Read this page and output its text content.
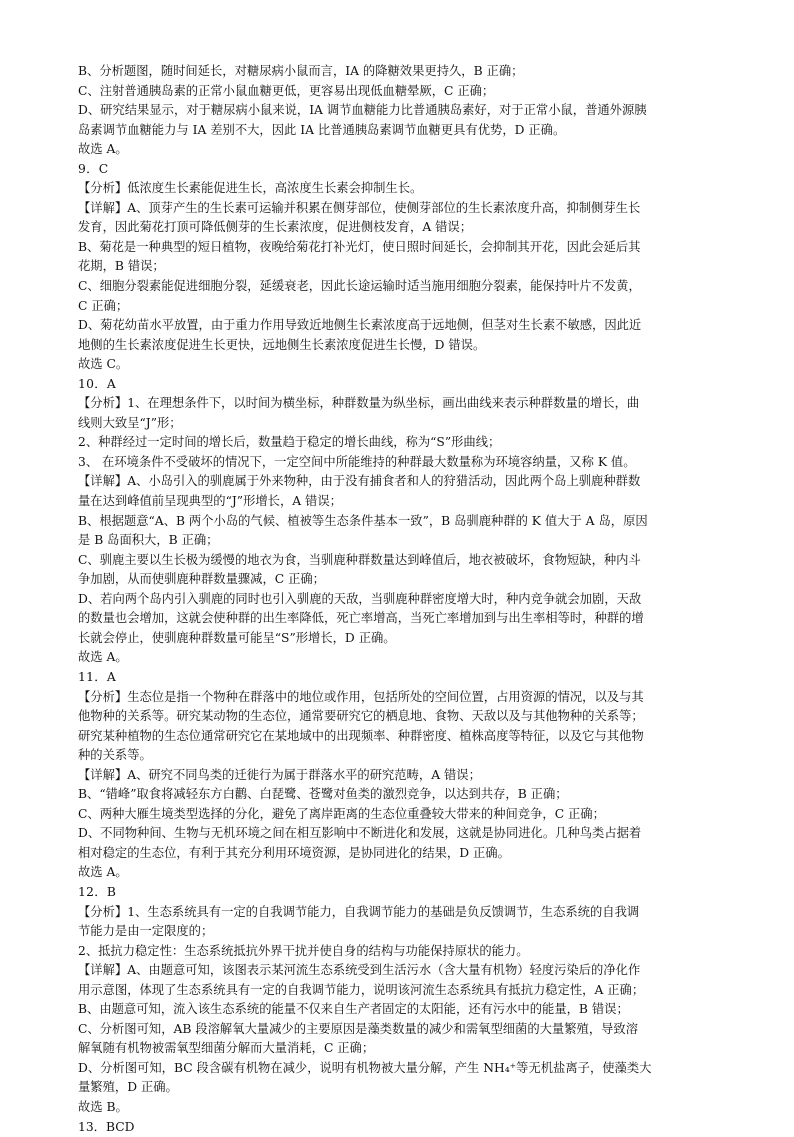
B、分析题图，随时间延长，对糖尿病小鼠而言，IA 的降糖效果更持久，B 正确；

C、注射普通胰岛素的正常小鼠血糖更低，更容易出现低血糖晕厥，C 正确；

D、研究结果显示，对于糖尿病小鼠来说，IA 调节血糖能力比普通胰岛素好，对于正常小鼠，普通外源胰

岛素调节血糖能力与 IA 差别不大，因此 IA 比普通胰岛素调节血糖更具有优势，D 正确。

故选 A。

9．C

【分析】低浓度生长素能促进生长，高浓度生长素会抑制生长。

【详解】A、顶芽产生的生长素可运输并积累在侧芽部位，使侧芽部位的生长素浓度升高，抑制侧芽生长

发育，因此菊花打顶可降低侧芽的生长素浓度，促进侧枝发育，A 错误；

B、菊花是一种典型的短日植物，夜晚给菊花打补光灯，使日照时间延长，会抑制其开花，因此会延后其

花期，B 错误；

C、细胞分裂素能促进细胞分裂，延缓衰老，因此长途运输时适当施用细胞分裂素，能保持叶片不发黄，

C 正确；

D、菊花幼苗水平放置，由于重力作用导致近地侧生长素浓度高于远地侧，但茎对生长素不敏感，因此近

地侧的生长素浓度促进生长更快，远地侧生长素浓度促进生长慢，D 错误。

故选 C。

10．A

【分析】1、在理想条件下，以时间为横坐标，种群数量为纵坐标，画出曲线来表示种群数量的增长，曲

线则大致呈“J”形；

2、种群经过一定时间的增长后，数量趋于稳定的增长曲线，称为“S”形曲线；

3、 在环境条件不受破坏的情况下，一定空间中所能维持的种群最大数量称为环境容纳量，又称 K 值。

【详解】A、小岛引入的驯鹿属于外来物种，由于没有捕食者和人的狩猎活动，因此两个岛上驯鹿种群数

量在达到峰值前呈现典型的“J”形增长，A 错误；

B、根据题意“A、B 两个小岛的气候、植被等生态条件基本一致”，B 岛驯鹿种群的 K 值大于 A 岛，原因

是 B 岛面积大，B 正确；

C、驯鹿主要以生长极为缓慢的地衣为食，当驯鹿种群数量达到峰值后，地衣被破坏，食物短缺，种内斗

争加剧，从而使驯鹿种群数量骤减，C 正确；

D、若向两个岛内引入驯鹿的同时也引入驯鹿的天敌，当驯鹿种群密度增大时，种内竞争就会加剧，天敌

的数量也会增加，这就会使种群的出生率降低，死亡率增高，当死亡率增加到与出生率相等时，种群的增

长就会停止，使驯鹿种群数量可能呈“S”形增长，D 正确。

故选 A。

11．A

【分析】生态位是指一个物种在群落中的地位或作用，包括所处的空间位置，占用资源的情况，以及与其

他物种的关系等。研究某动物的生态位，通常要研究它的栖息地、食物、天敌以及与其他物种的关系等；

研究某种植物的生态位通常研究它在某地域中的出现频率、种群密度、植株高度等特征，以及它与其他物

种的关系等。

【详解】A、研究不同鸟类的迁徙行为属于群落水平的研究范畴，A 错误；

B、“错峰”取食将减轻东方白鹳、白琵鹭、苍鹭对鱼类的激烈竞争，以达到共存，B 正确；

C、两种大雁生境类型选择的分化，避免了离岸距离的生态位重叠较大带来的种间竞争，C 正确；

D、不同物种间、生物与无机环境之间在相互影响中不断进化和发展，这就是协同进化。几种鸟类占据着

相对稳定的生态位，有利于其充分利用环境资源，是协同进化的结果，D 正确。

故选 A。

12．B

【分析】1、生态系统具有一定的自我调节能力，自我调节能力的基础是负反馈调节，生态系统的自我调

节能力是由一定限度的；

2、抵抗力稳定性：生态系统抵抗外界干扰并使自身的结构与功能保持原状的能力。

【详解】A、由题意可知，该图表示某河流生态系统受到生活污水（含大量有机物）轻度污染后的净化作

用示意图，体现了生态系统具有一定的自我调节能力，说明该河流生态系统具有抵抗力稳定性，A 正确；

B、由题意可知，流入该生态系统的能量不仅来自生产者固定的太阳能，还有污水中的能量，B 错误；

C、分析图可知，AB 段溶解氧大量减少的主要原因是藻类数量的减少和需氧型细菌的大量繁殖，导致溶

解氧随有机物被需氧型细菌分解而大量消耗，C 正确；

D、分析图可知，BC 段含碳有机物在减少，说明有机物被大量分解，产生 NH₄⁺等无机盐离子，使藻类大

量繁殖，D 正确。

故选 B。

13．BCD
